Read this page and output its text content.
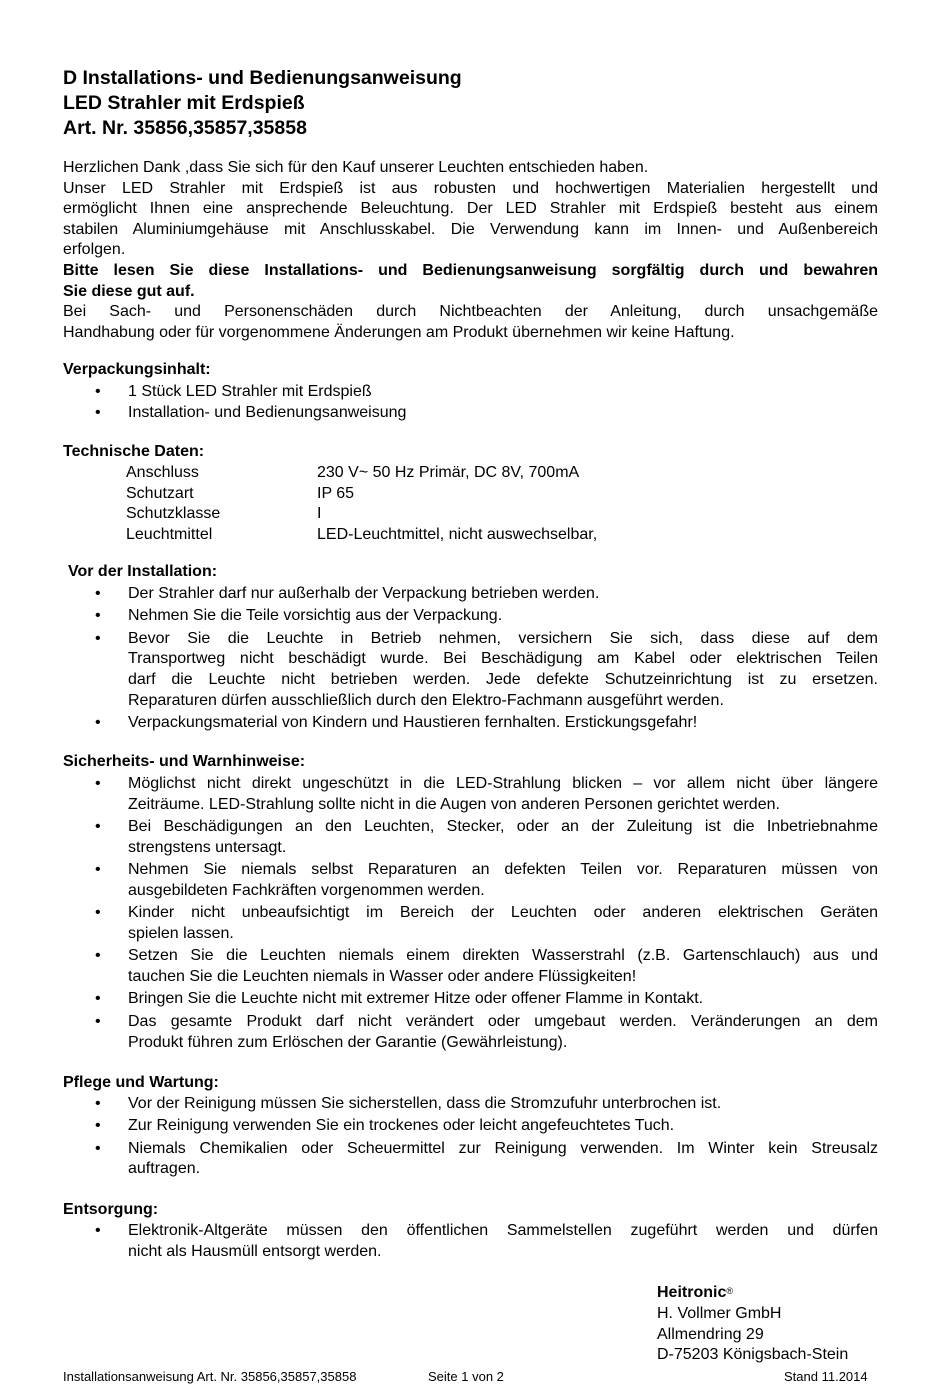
D Installations- und Bedienungsanweisung
LED Strahler mit Erdspieß
Art. Nr. 35856,35857,35858
Herzlichen Dank ,dass Sie sich für den Kauf unserer Leuchten entschieden haben.
Unser LED Strahler mit Erdspieß ist aus robusten und hochwertigen Materialien hergestellt und
ermöglicht Ihnen eine ansprechende Beleuchtung. Der LED Strahler mit Erdspieß besteht aus einem
stabilen Aluminiumgehäuse mit Anschlusskabel. Die Verwendung kann im Innen- und Außenbereich
erfolgen.
Bitte lesen Sie diese Installations- und Bedienungsanweisung sorgfältig durch und bewahren
Sie diese gut auf.
Bei Sach- und Personenschäden durch Nichtbeachten der Anleitung, durch unsachgemäße
Handhabung oder für vorgenommene Änderungen am Produkt übernehmen wir keine Haftung.
Verpackungsinhalt:
• 1 Stück LED Strahler mit Erdspieß
• Installation- und Bedienungsanweisung
Technische Daten:
Anschluss	230 V~ 50 Hz Primär, DC 8V, 700mA
Schutzart	IP 65
Schutzklasse	I
Leuchtmittel	LED-Leuchtmittel, nicht auswechselbar,
Vor der Installation:
• Der Strahler darf nur außerhalb der Verpackung betrieben werden.
• Nehmen Sie die Teile vorsichtig aus der Verpackung.
• Bevor Sie die Leuchte in Betrieb nehmen, versichern Sie sich, dass diese auf dem
Transportweg nicht beschädigt wurde. Bei Beschädigung am Kabel oder elektrischen Teilen
darf die Leuchte nicht betrieben werden. Jede defekte Schutzeinrichtung ist zu ersetzen.
Reparaturen dürfen ausschließlich durch den Elektro-Fachmann ausgeführt werden.
• Verpackungsmaterial von Kindern und Haustieren fernhalten. Erstickungsgefahr!
Sicherheits- und Warnhinweise:
• Möglichst nicht direkt ungeschützt in die LED-Strahlung blicken – vor allem nicht über längere
Zeiträume. LED-Strahlung sollte nicht in die Augen von anderen Personen gerichtet werden.
• Bei Beschädigungen an den Leuchten, Stecker, oder an der Zuleitung ist die Inbetriebnahme
strengstens untersagt.
• Nehmen Sie niemals selbst Reparaturen an defekten Teilen vor. Reparaturen müssen von
ausgebildeten Fachkräften vorgenommen werden.
• Kinder nicht unbeaufsichtigt im Bereich der Leuchten oder anderen elektrischen Geräten
spielen lassen.
• Setzen Sie die Leuchten niemals einem direkten Wasserstrahl (z.B. Gartenschlauch) aus und
tauchen Sie die Leuchten niemals in Wasser oder andere Flüssigkeiten!
• Bringen Sie die Leuchte nicht mit extremer Hitze oder offener Flamme in Kontakt.
• Das gesamte Produkt darf nicht verändert oder umgebaut werden. Veränderungen an dem
Produkt führen zum Erlöschen der Garantie (Gewährleistung).
Pflege und Wartung:
• Vor der Reinigung müssen Sie sicherstellen, dass die Stromzufuhr unterbrochen ist.
• Zur Reinigung verwenden Sie ein trockenes oder leicht angefeuchtetes Tuch.
• Niemals Chemikalien oder Scheuermittel zur Reinigung verwenden. Im Winter kein Streusalz
auftragen.
Entsorgung:
• Elektronik-Altgeräte müssen den öffentlichen Sammelstellen zugeführt werden und dürfen
nicht als Hausmüll entsorgt werden.
Heitronic®
H. Vollmer GmbH
Allmendring 29
D-75203 Königsbach-Stein
Installationsanweisung Art. Nr. 35856,35857,35858	Seite 1 von 2	Stand 11.2014
